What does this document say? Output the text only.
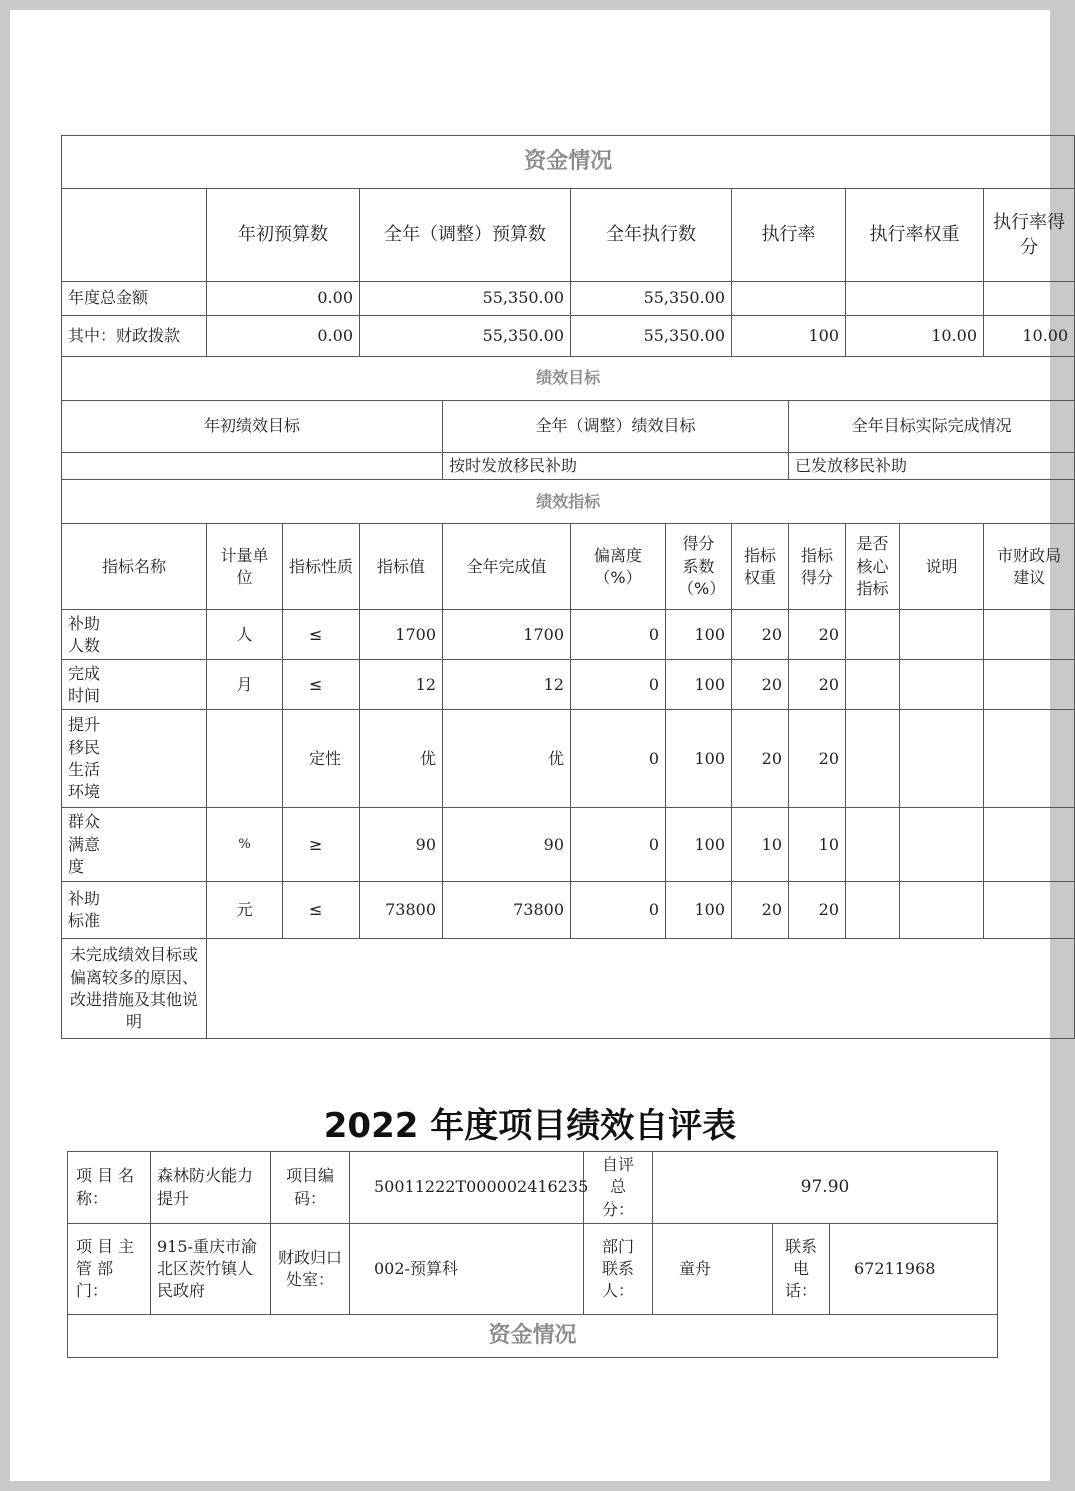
资金情况											
	年初预算数		全年（调整）预算数		全年执行数		执行率		执行率权重		执行率得分
年度总金额	0.00		55,350.00		55,350.00						
其中：财政拨款	0.00		55,350.00		55,350.00		100		10.00		10.00
绩效目标											
年初绩效目标				全年（调整）绩效目标				全年目标实际完成情况			
				按时发放移民补助				已发放移民补助			
绩效指标											
指标名称	计量单位	指标性质	指标值	全年完成值	偏离度（%）	得分系数（%）	指标权重	指标得分	是否核心指标	说明	市财政局建议
补助人数	人	≤	1700	1700	0	100	20	20			
完成时间	月	≤	12	12	0	100	20	20			
提升移民生活环境		定性	优	优	0	100	20	20			
群众满意度	%	≥	90	90	0	100	10	10			
补助标准	元	≤	73800	73800	0	100	20	20			
未完成绩效目标或偏离较多的原因、改进措施及其他说明											
2022 年度项目绩效自评表
项 目 名 称：	森林防火能力提升	项目编码：	50011222T000002416235	自评总分：	97.90		
项 目 主 管 部 门：	915-重庆市渝北区茨竹镇人民政府	财政归口处室：	002-预算科	部门联系人：	童舟	联系电话：	67211968
资金情况							
